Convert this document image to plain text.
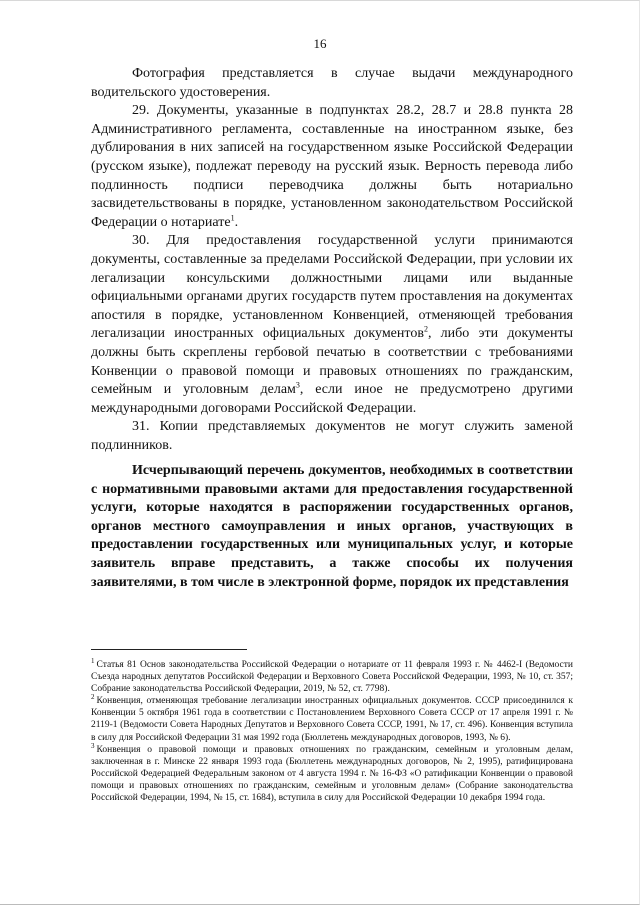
16

Фотография представляется в случае выдачи международного водительского удостоверения.

29. Документы, указанные в подпунктах 28.2, 28.7 и 28.8 пункта 28 Административного регламента, составленные на иностранном языке, без дублирования в них записей на государственном языке Российской Федерации (русском языке), подлежат переводу на русский язык. Верность перевода либо подлинность подписи переводчика должны быть нотариально засвидетельствованы в порядке, установленном законодательством Российской Федерации о нотариате$^1$.

30. Для предоставления государственной услуги принимаются документы, составленные за пределами Российской Федерации, при условии их легализации консульскими должностными лицами или выданные официальными органами других государств путем проставления на документах апостиля в порядке, установленном Конвенцией, отменяющей требования легализации иностранных официальных документов$^2$, либо эти документы должны быть скреплены гербовой печатью в соответствии с требованиями Конвенции о правовой помощи и правовых отношениях по гражданским, семейным и уголовным делам$^3$, если иное не предусмотрено другими международными договорами Российской Федерации.

31. Копии представляемых документов не могут служить заменой подлинников.

Исчерпывающий перечень документов, необходимых в соответствии с нормативными правовыми актами для предоставления государственной услуги, которые находятся в распоряжении государственных органов, органов местного самоуправления и иных органов, участвующих в предоставлении государственных или муниципальных услуг, и которые заявитель вправе представить, а также способы их получения заявителями, в том числе в электронной форме, порядок их представления

$^1$ Статья 81 Основ законодательства Российской Федерации о нотариате от 11 февраля 1993 г. № 4462-I (Ведомости Съезда народных депутатов Российской Федерации и Верховного Совета Российской Федерации, 1993, № 10, ст. 357; Собрание законодательства Российской Федерации, 2019, № 52, ст. 7798).

$^2$ Конвенция, отменяющая требование легализации иностранных официальных документов. СССР присоединился к Конвенции 5 октября 1961 года в соответствии с Постановлением Верховного Совета СССР от 17 апреля 1991 г. № 2119-1 (Ведомости Совета Народных Депутатов и Верховного Совета СССР, 1991, № 17, ст. 496). Конвенция вступила в силу для Российской Федерации 31 мая 1992 года (Бюллетень международных договоров, 1993, № 6).

$^3$ Конвенция о правовой помощи и правовых отношениях по гражданским, семейным и уголовным делам, заключенная в г. Минске 22 января 1993 года (Бюллетень международных договоров, № 2, 1995), ратифицирована Российской Федерацией Федеральным законом от 4 августа 1994 г. № 16-ФЗ «О ратификации Конвенции о правовой помощи и правовых отношениях по гражданским, семейным и уголовным делам» (Собрание законодательства Российской Федерации, 1994, № 15, ст. 1684), вступила в силу для Российской Федерации 10 декабря 1994 года.
